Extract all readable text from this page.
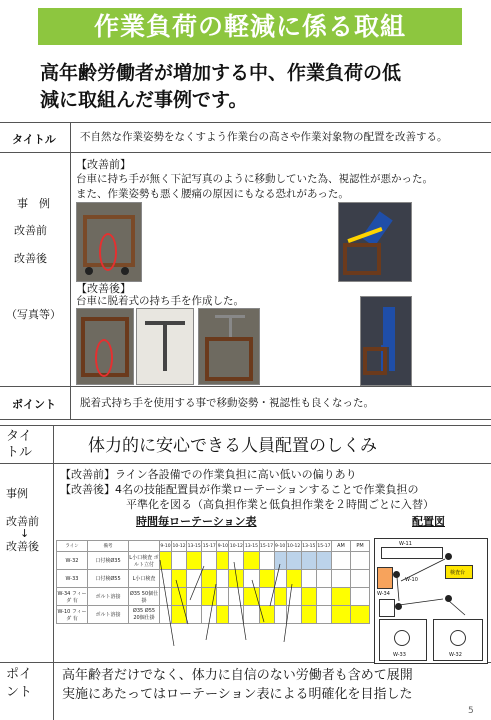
作業負荷の軽減に係る取組
高年齢労働者が増加する中、作業負荷の低
減に取組んだ事例です。
タイトル 不自然な作業姿勢をなくすよう作業台の高さや作業対象物の配置を改善する。
事　例
改善前
改善後
（写真等）
【改善前】
台車に持ち手が無く下記写真のように移動していた為、視認性が悪かった。
また、作業姿勢も悪く腰痛の原因にもなる恐れがあった。
【改善後】
台車に脱着式の持ち手を作成した。
ポイント 脱着式持ち手を使用する事で移動姿勢・視認性も良くなった。
タイ
トル	体力的に安心できる人員配置のしくみ
事例
改善前
↓
改善後
【改善前】ライン各設備での作業負担に高い低いの偏りあり
【改善後】4名の技能配置員が作業ローテーションすることで作業負担の
平準化を図る（高負担作業と低負担作業を２時間ごとに入替）
時間毎ローテーション表	配置図
ライン	備考		9-10	10-12	13-15	15-17	9-10	10-12	13-15	15-17	9-10	10-12	13-15	15-17	AM	PM
W-32	口付検Ø35	L小口検査 ボルト立付														
W-33	口付検Ø55	L小口検査														
W-34 フィーダ 有	ボルト溶接	Ø35 50個仕掛														
W-10 フィーダ 有	ボルト溶接	Ø35 Ø55 20個仕掛														
W-11
検査台
W-10
W-34
W-33	W-32
ポイ
ント
高年齢者だけでなく、体力に自信のない労働者も含めて展開
実施にあたってはローテーション表による明確化を目指した
5
